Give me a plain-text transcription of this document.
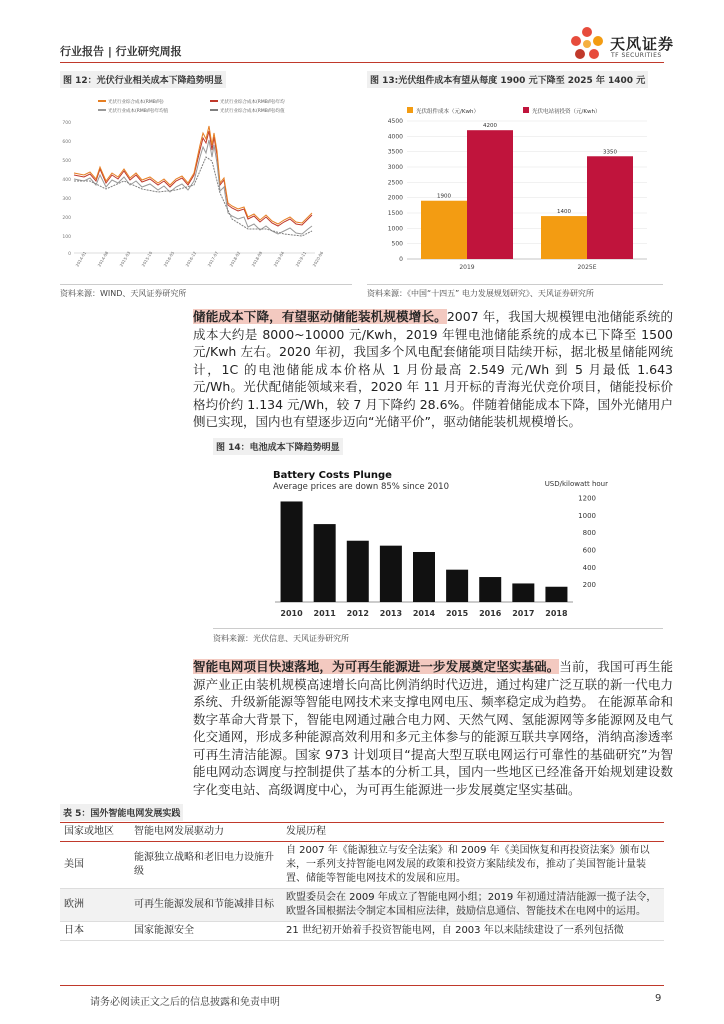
行业报告 | 行业研究周报	天风证券
TF SECURITIES
图 12：光伏行业相关成本下降趋势明显
光伏行业综合成本(RMB/吨)	光伏行业综合成本(RMB/吨)年均
光伏行业成本(RMB/吨)年均值	光伏行业综合成本(RMB/吨)均值
700
600
500
400
300
200
100
0 2014-01 2014-08 2015-03 2015-10 2016-05 2016-12 2017-07 2018-02 2018-09 2019-04 2019-11 2020-06
资料来源：WIND、天风证券研究所
图 13:光伏组件成本有望从每度 1900 元下降至 2025 年 1400 元
光伏组件成本（元/Kwh）	光伏电站初投资（元/Kwh）
0
500
1000
1500
2000
2500
3000
3500
4000
4500
1900
4200
1400
3350
2019	2025E
资料来源：《中国“十四五” 电力发展规划研究》、天风证券研究所

储能成本下降，有望驱动储能装机规模增长。2007 年，我国大规模锂电池储能系统的成本大约是 8000~10000 元/Kwh，2019 年锂电池储能系统的成本已下降至 1500 元/Kwh 左右。2020 年初，我国多个风电配套储能项目陆续开标，据北极星储能网统计，1C 的电池储能成本价格从 1 月份最高 2.549 元/Wh 到 5 月最低 1.643 元/Wh。光伏配储能领域来看，2020 年 11 月开标的青海光伏竞价项目，储能投标价格均价约 1.134 元/Wh，较 7 月下降约 28.6%。伴随着储能成本下降，国外光储用户侧已实现，国内也有望逐步迈向“光储平价”，驱动储能装机规模增长。

图 14：电池成本下降趋势明显
Battery Costs Plunge
Average prices are down 85% since 2010	USD/kilowatt hour
200
400
600
800
1000
1200
2010 2011 2012 2013 2014 2015 2016 2017 2018
资料来源：光伏信息、天风证券研究所

智能电网项目快速落地，为可再生能源进一步发展奠定坚实基础。当前，我国可再生能源产业正由装机规模高速增长向高比例消纳时代迈进，通过构建广泛互联的新一代电力系统、升级新能源等智能电网技术来支撑电网电压、频率稳定成为趋势。 在能源革命和数字革命大背景下，智能电网通过融合电力网、天然气网、氢能源网等多能源网及电气化交通网，形成多种能源高效利用和多元主体参与的能源互联共享网络，消纳高渗透率可再生清洁能源。国家 973 计划项目“提高大型互联电网运行可靠性的基础研究”为智能电网动态调度与控制提供了基本的分析工具，国内一些地区已经准备开始规划建设数字化变电站、高级调度中心，为可再生能源进一步发展奠定坚实基础。

表 5：国外智能电网发展实践
国家或地区	智能电网发展驱动力	发展历程
美国	能源独立战略和老旧电力设施升级	自 2007 年《能源独立与安全法案》和 2009 年《美国恢复和再投资法案》颁布以来，一系列支持智能电网发展的政策和投资方案陆续发布，推动了美国智能计量装置、储能等智能电网技术的发展和应用。
欧洲	可再生能源发展和节能减排目标	欧盟委员会在 2009 年成立了智能电网小组；2019 年初通过清洁能源一揽子法令，欧盟各国根据法令制定本国相应法律，鼓励信息通信、智能技术在电网中的运用。
日本	国家能源安全	21 世纪初开始着手投资智能电网，自 2003 年以来陆续建设了一系列包括微
请务必阅读正文之后的信息披露和免责申明	9
